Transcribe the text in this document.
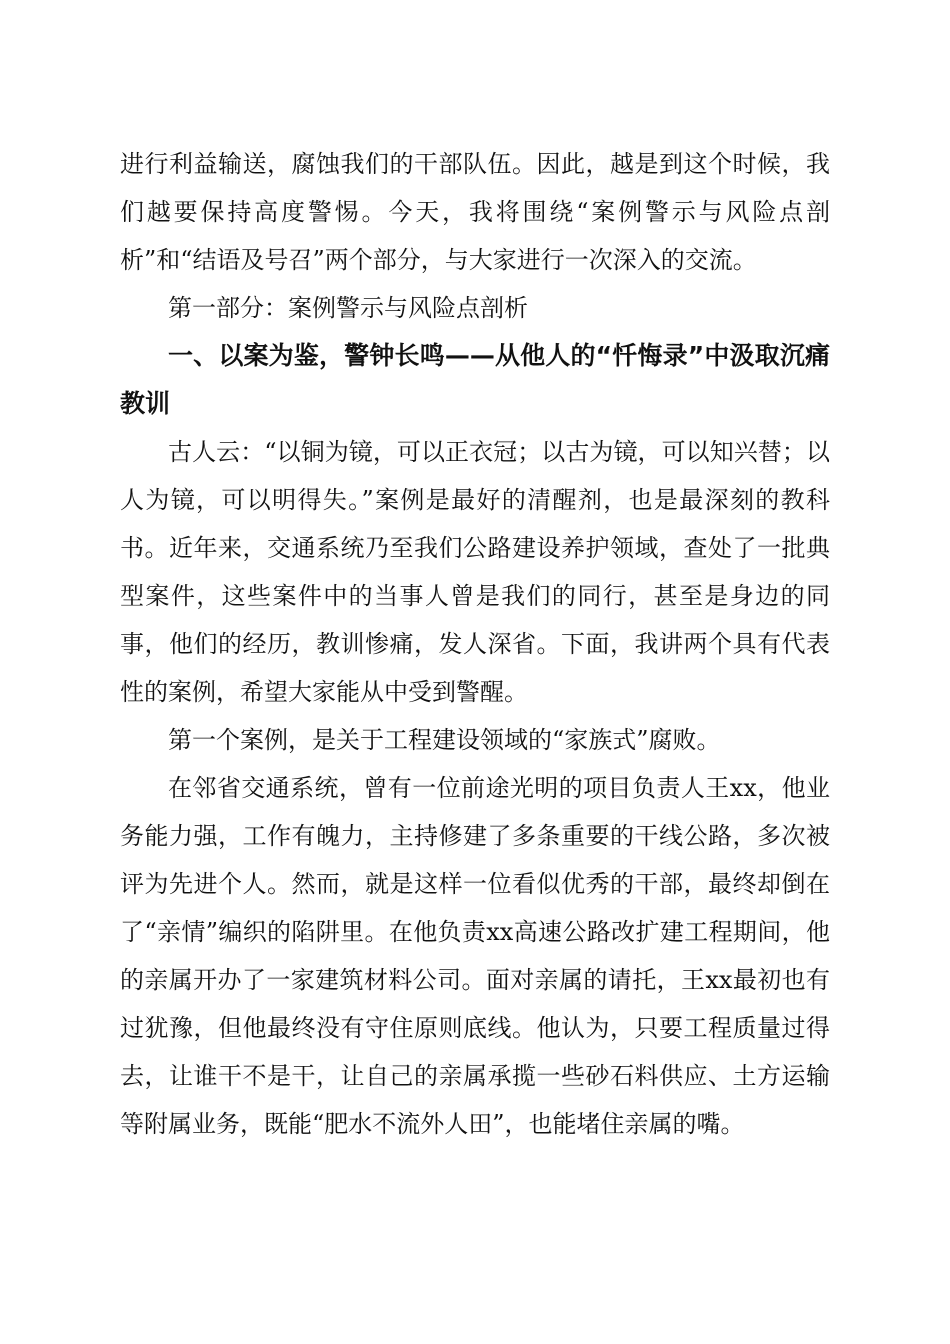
进行利益输送，腐蚀我们的干部队伍。因此，越是到这个时候，我们越要保持高度警惕。今天，我将围绕“案例警示与风险点剖析”和“结语及号召”两个部分，与大家进行一次深入的交流。

第一部分：案例警示与风险点剖析

一、以案为鉴，警钟长鸣——从他人的“忏悔录”中汲取沉痛教训

古人云：“以铜为镜，可以正衣冠；以古为镜，可以知兴替；以人为镜，可以明得失。”案例是最好的清醒剂，也是最深刻的教科书。近年来，交通系统乃至我们公路建设养护领域，查处了一批典型案件，这些案件中的当事人曾是我们的同行，甚至是身边的同事，他们的经历，教训惨痛，发人深省。下面，我讲两个具有代表性的案例，希望大家能从中受到警醒。

第一个案例，是关于工程建设领域的“家族式”腐败。

在邻省交通系统，曾有一位前途光明的项目负责人王xx，他业务能力强，工作有魄力，主持修建了多条重要的干线公路，多次被评为先进个人。然而，就是这样一位看似优秀的干部，最终却倒在了“亲情”编织的陷阱里。在他负责xx高速公路改扩建工程期间，他的亲属开办了一家建筑材料公司。面对亲属的请托，王xx最初也有过犹豫，但他最终没有守住原则底线。他认为，只要工程质量过得去，让谁干不是干，让自己的亲属承揽一些砂石料供应、土方运输等附属业务，既能“肥水不流外人田”，也能堵住亲属的嘴。
